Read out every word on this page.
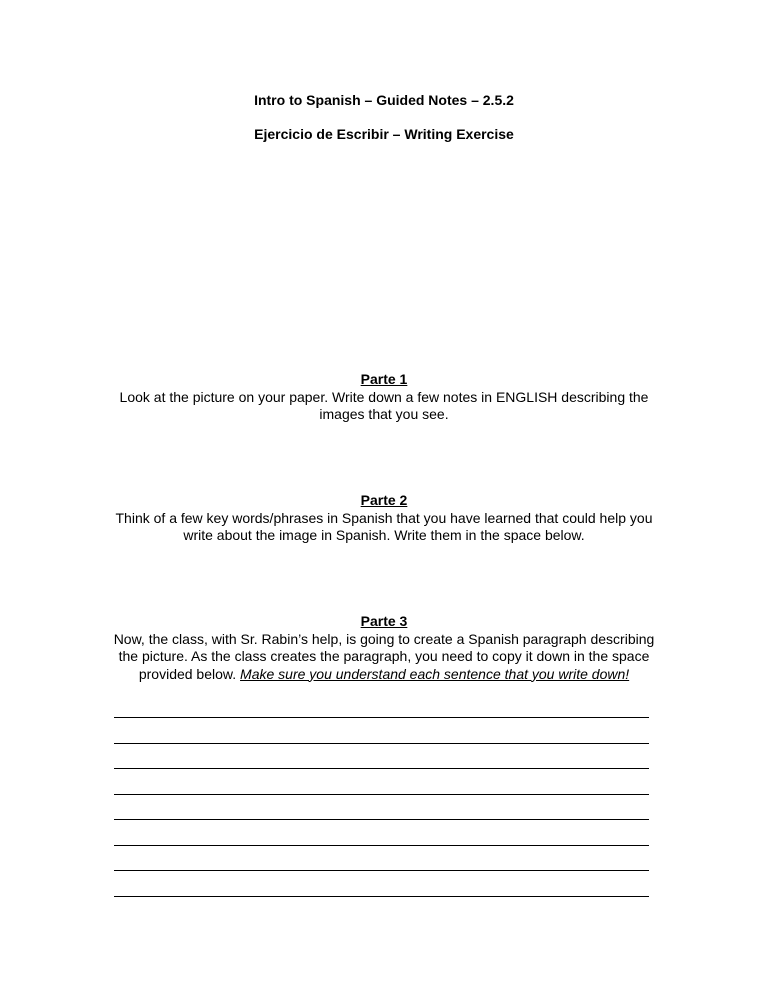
Intro to Spanish – Guided Notes – 2.5.2
Ejercicio de Escribir – Writing Exercise
Parte 1
Look at the picture on your paper. Write down a few notes in ENGLISH describing the images that you see.
Parte 2
Think of a few key words/phrases in Spanish that you have learned that could help you write about the image in Spanish. Write them in the space below.
Parte 3
Now, the class, with Sr. Rabin’s help, is going to create a Spanish paragraph describing the picture. As the class creates the paragraph, you need to copy it down in the space provided below. Make sure you understand each sentence that you write down!
